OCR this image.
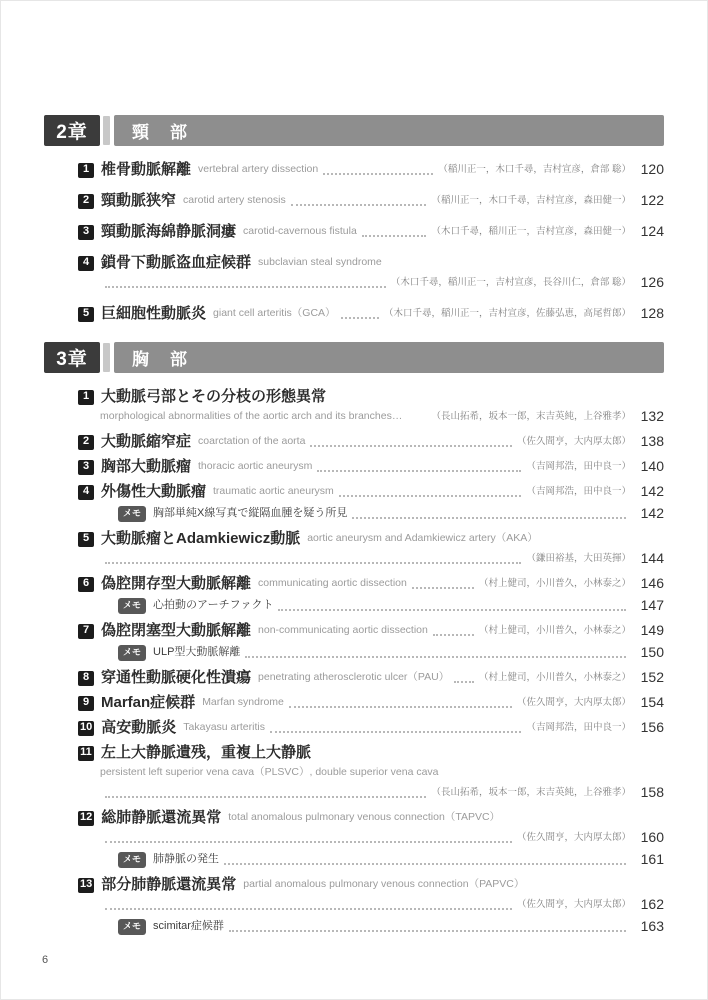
2章	頸　部
1 椎骨動脈解離 vertebral artery dissection	（稲川正一，木口千尋，吉村宣彦，倉部 聡） 120
2 頸動脈狭窄 carotid artery stenosis	（稲川正一，木口千尋，吉村宣彦，森田健一） 122
3 頸動脈海綿静脈洞瘻 carotid-cavernous fistula	（木口千尋，稲川正一，吉村宣彦，森田健一） 124
4 鎖骨下動脈盗血症候群 subclavian steal syndrome
（木口千尋，稲川正一，吉村宣彦，長谷川仁，倉部 聡） 126
5 巨細胞性動脈炎 giant cell arteritis（GCA）	（木口千尋，稲川正一，吉村宣彦，佐藤弘恵，高尾哲郎） 128
3章	胸　部
1 大動脈弓部とその分枝の形態異常
morphological abnormalities of the aortic arch and its branches…	（長山拓希，坂本一郎，末吉英純，上谷雅孝） 132
2 大動脈縮窄症 coarctation of the aorta	（佐久間亨，大内厚太郎） 138
3 胸部大動脈瘤 thoracic aortic aneurysm	（吉岡邦浩，田中良一） 140
4 外傷性大動脈瘤 traumatic aortic aneurysm	（吉岡邦浩，田中良一） 142
メモ	胸部単純X線写真で縦隔血腫を疑う所見	142
5 大動脈瘤とAdamkiewicz動脈 aortic aneurysm and Adamkiewicz artery（AKA）
（鎌田裕基，大田英揮） 144
6 偽腔開存型大動脈解離 communicating aortic dissection	（村上健司，小川普久，小林泰之） 146
メモ	心拍動のアーチファクト	147
7 偽腔閉塞型大動脈解離 non-communicating aortic dissection	（村上健司，小川普久，小林泰之） 149
メモ	ULP型大動脈解離	150
8 穿通性動脈硬化性潰瘍 penetrating atherosclerotic ulcer（PAU）	（村上健司，小川普久，小林泰之） 152
9 Marfan症候群 Marfan syndrome	（佐久間亨，大内厚太郎） 154
10 高安動脈炎 Takayasu arteritis	（吉岡邦浩，田中良一） 156
11 左上大静脈遺残，重複上大静脈
persistent left superior vena cava（PLSVC）, double superior vena cava
（長山拓希，坂本一郎，末吉英純，上谷雅孝） 158
12 総肺静脈還流異常 total anomalous pulmonary venous connection（TAPVC）
（佐久間亨，大内厚太郎） 160
メモ	肺静脈の発生	161
13 部分肺静脈還流異常 partial anomalous pulmonary venous connection（PAPVC）
（佐久間亨，大内厚太郎） 162
メモ	scimitar症候群	163
6
